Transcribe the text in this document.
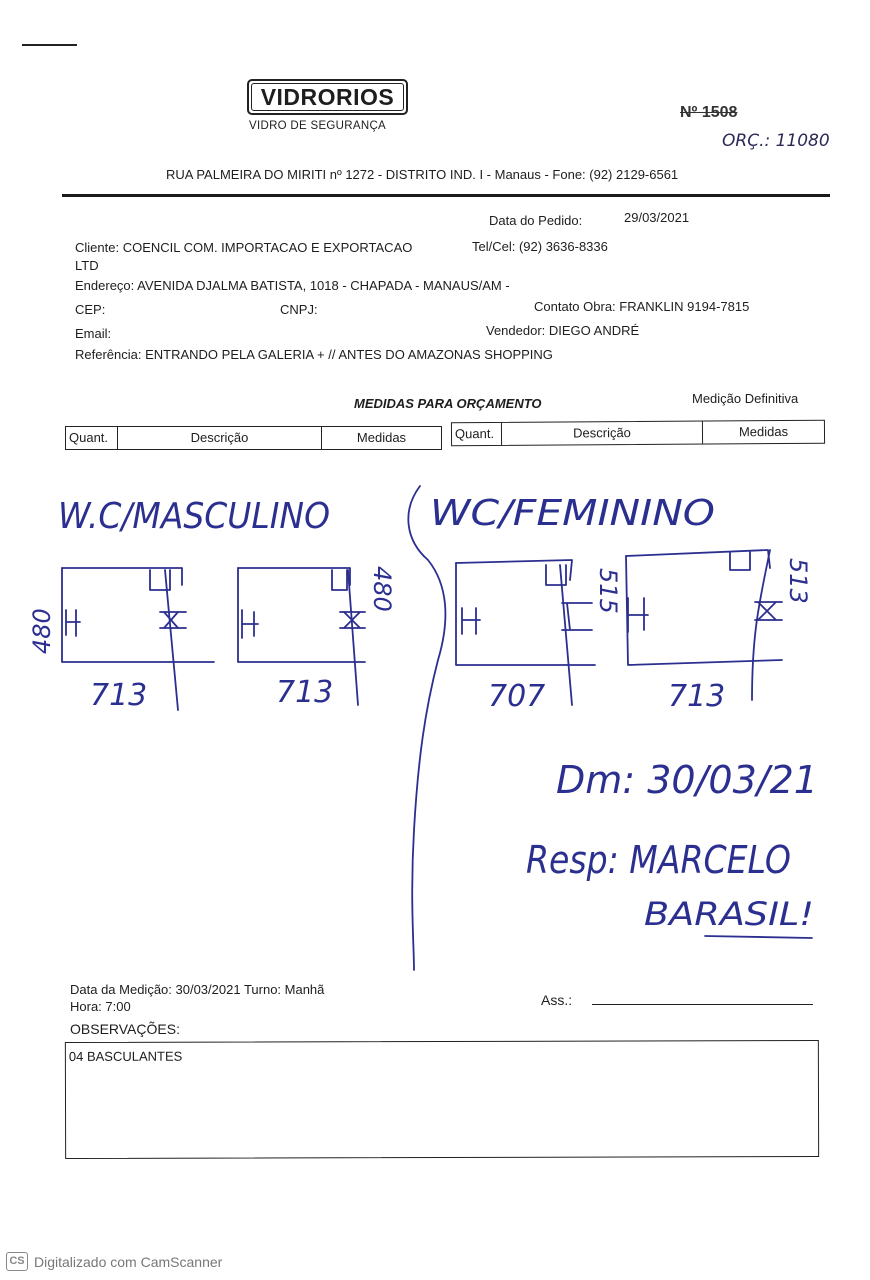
VIDRORIOS
VIDRO DE SEGURANÇA
Nº 1508
ORÇ.: 11080
RUA PALMEIRA DO MIRITI nº 1272 - DISTRITO IND. I - Manaus - Fone: (92) 2129-6561
Data do Pedido:	29/03/2021
Cliente: COENCIL COM. IMPORTACAO E EXPORTACAO
LTD
Tel/Cel: (92) 3636-8336
Endereço: AVENIDA DJALMA BATISTA, 1018 - CHAPADA - MANAUS/AM -
CEP:	CNPJ:	Contato Obra: FRANKLIN 9194-7815
Email:	Vendedor: DIEGO ANDRÉ
Referência: ENTRANDO PELA GALERIA + // ANTES DO AMAZONAS SHOPPING
MEDIDAS PARA ORÇAMENTO	Medição Definitiva
Quant.	Descrição	Medidas	Quant.	Descrição	Medidas
W.C/MASCULINO	WC/FEMININO
713	713	707	713
480
480	515	513
Dm: 30/03/21
Resp: MARCELO
BARASIL!
Data da Medição: 30/03/2021 Turno: Manhã
Hora: 7:00	Ass.:
OBSERVAÇÕES:
04 BASCULANTES
CS Digitalizado com CamScanner
